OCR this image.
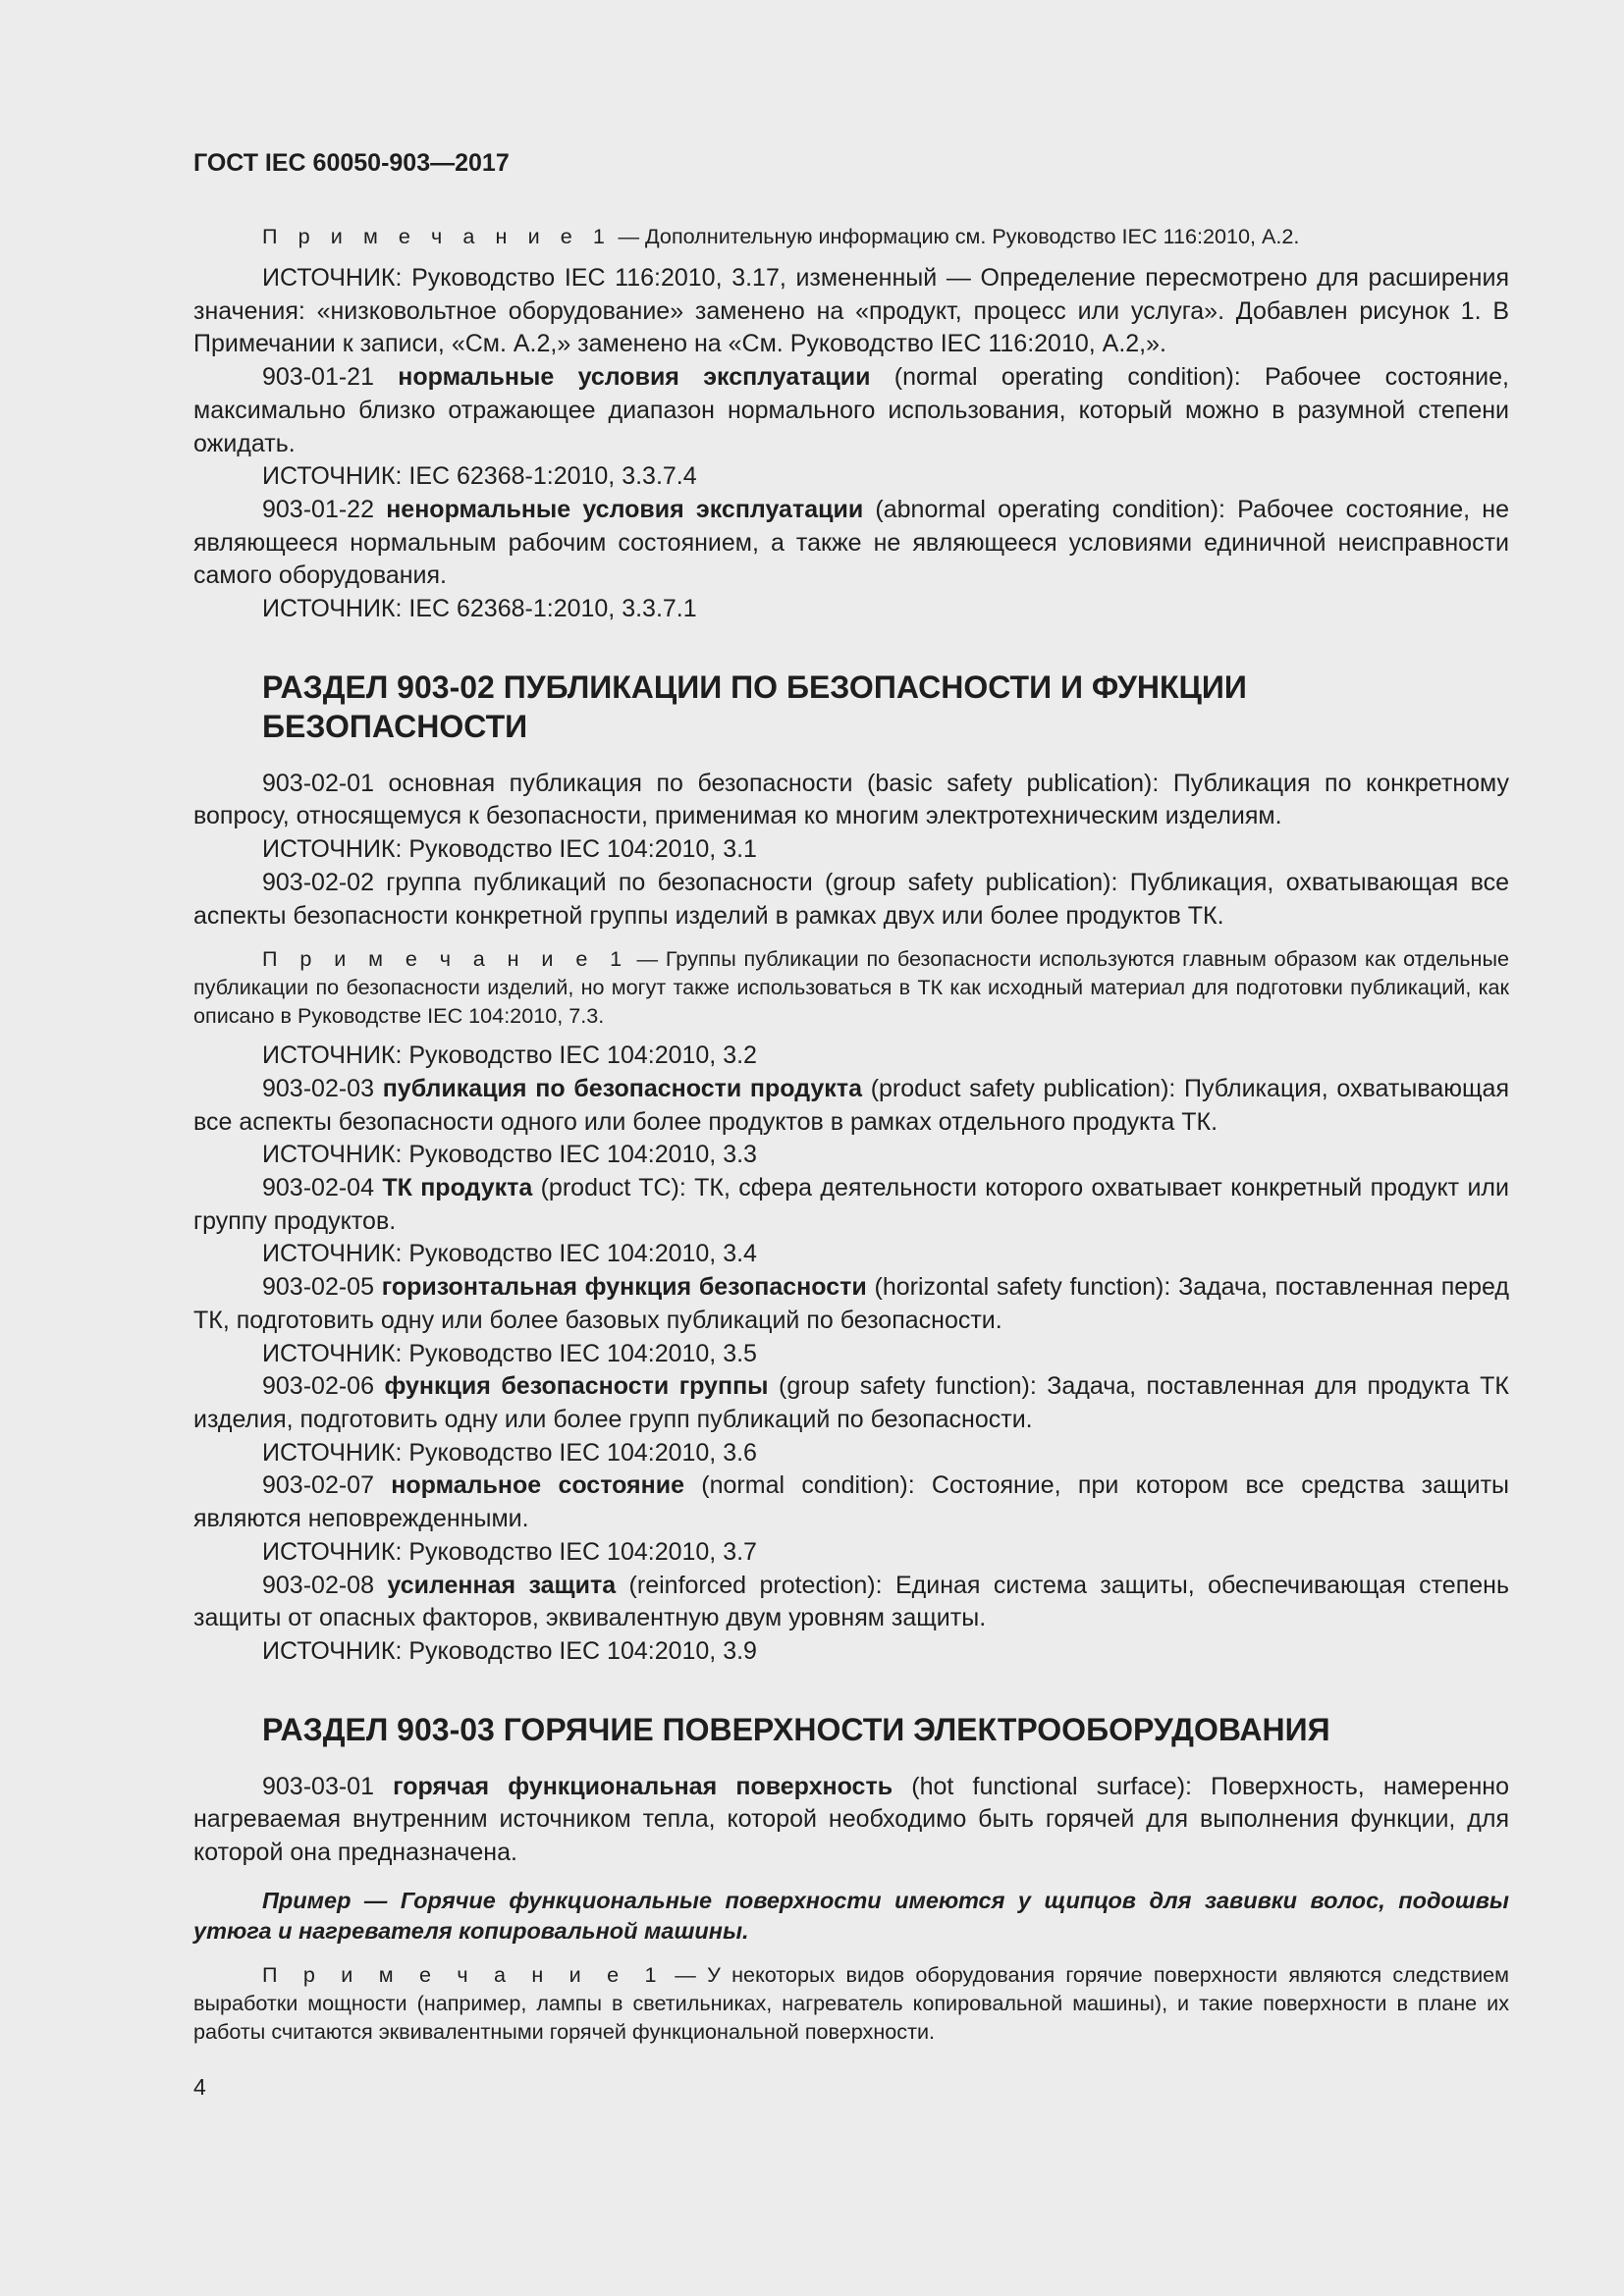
ГОСТ IEC 60050-903—2017

П р и м е ч а н и е 1 — Дополнительную информацию см. Руководство IEC 116:2010, А.2.

ИСТОЧНИК: Руководство IEC 116:2010, 3.17, измененный — Определение пересмотрено для расширения значения: «низковольтное оборудование» заменено на «продукт, процесс или услуга». Добавлен рисунок 1. В Примечании к записи, «См. А.2,» заменено на «См. Руководство IEC 116:2010, А.2,».

903-01-21 нормальные условия эксплуатации (normal operating condition): Рабочее состояние, максимально близко отражающее диапазон нормального использования, который можно в разумной степени ожидать.

ИСТОЧНИК: IEC 62368-1:2010, 3.3.7.4

903-01-22 ненормальные условия эксплуатации (abnormal operating condition): Рабочее состояние, не являющееся нормальным рабочим состоянием, а также не являющееся условиями единичной неисправности самого оборудования.

ИСТОЧНИК: IEC 62368-1:2010, 3.3.7.1

РАЗДЕЛ 903-02 ПУБЛИКАЦИИ ПО БЕЗОПАСНОСТИ И ФУНКЦИИ
БЕЗОПАСНОСТИ

903-02-01 основная публикация по безопасности (basic safety publication): Публикация по конкретному вопросу, относящемуся к безопасности, применимая ко многим электротехническим изделиям.

ИСТОЧНИК: Руководство IEC 104:2010, 3.1

903-02-02 группа публикаций по безопасности (group safety publication): Публикация, охватывающая все аспекты безопасности конкретной группы изделий в рамках двух или более продуктов ТК.

П р и м е ч а н и е 1 — Группы публикации по безопасности используются главным образом как отдельные публикации по безопасности изделий, но могут также использоваться в ТК как исходный материал для подготовки публикаций, как описано в Руководстве IEC 104:2010, 7.3.

ИСТОЧНИК: Руководство IEC 104:2010, 3.2

903-02-03 публикация по безопасности продукта (product safety publication): Публикация, охватывающая все аспекты безопасности одного или более продуктов в рамках отдельного продукта ТК.

ИСТОЧНИК: Руководство IEC 104:2010, 3.3

903-02-04 ТК продукта (product TC): ТК, сфера деятельности которого охватывает конкретный продукт или группу продуктов.

ИСТОЧНИК: Руководство IEC 104:2010, 3.4

903-02-05 горизонтальная функция безопасности (horizontal safety function): Задача, поставленная перед ТК, подготовить одну или более базовых публикаций по безопасности.

ИСТОЧНИК: Руководство IEC 104:2010, 3.5

903-02-06 функция безопасности группы (group safety function): Задача, поставленная для продукта ТК изделия, подготовить одну или более групп публикаций по безопасности.

ИСТОЧНИК: Руководство IEC 104:2010, 3.6

903-02-07 нормальное состояние (normal condition): Состояние, при котором все средства защиты являются неповрежденными.

ИСТОЧНИК: Руководство IEC 104:2010, 3.7

903-02-08 усиленная защита (reinforced protection): Единая система защиты, обеспечивающая степень защиты от опасных факторов, эквивалентную двум уровням защиты.

ИСТОЧНИК: Руководство IEC 104:2010, 3.9

РАЗДЕЛ 903-03 ГОРЯЧИЕ ПОВЕРХНОСТИ ЭЛЕКТРООБОРУДОВАНИЯ

903-03-01 горячая функциональная поверхность (hot functional surface): Поверхность, намеренно нагреваемая внутренним источником тепла, которой необходимо быть горячей для выполнения функции, для которой она предназначена.

Пример — Горячие функциональные поверхности имеются у щипцов для завивки волос, подошвы утюга и нагревателя копировальной машины.

П р и м е ч а н и е 1 — У некоторых видов оборудования горячие поверхности являются следствием выработки мощности (например, лампы в светильниках, нагреватель копировальной машины), и такие поверхности в плане их работы считаются эквивалентными горячей функциональной поверхности.

4
